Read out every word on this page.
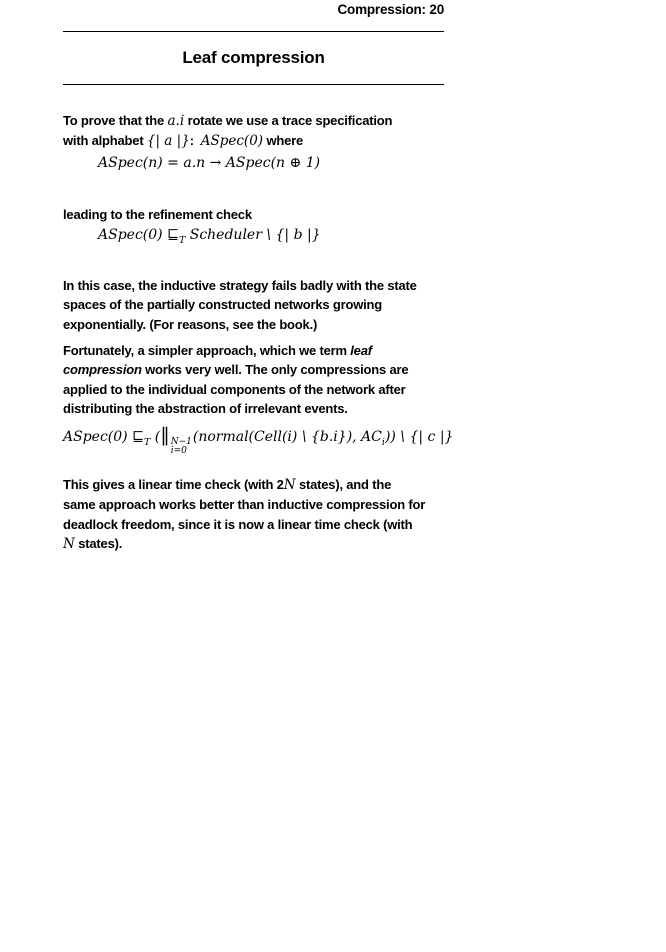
Compression: 20
Leaf compression

To prove that the a.i rotate we use a trace specification
with alphabet {| a |}:  ASpec(0) where

ASpec(n) = a.n → ASpec(n ⊕ 1)

leading to the refinement check

ASpec(0) $⊑_T$ Scheduler \ {| b |}

In this case, the inductive strategy fails badly with the state
spaces of the partially constructed networks growing
exponentially. (For reasons, see the book.)

Fortunately, a simpler approach, which we term leaf
compression works very well. The only compressions are
applied to the individual components of the network after
distributing the abstraction of irrelevant events.

ASpec(0) $⊑_T$ (‖ N−1
i=0
(normal(Cell(i) \ {b.i}), $AC_i$)) \ {| c |}

This gives a linear time check (with 2N states), and the
same approach works better than inductive compression for
deadlock freedom, since it is now a linear time check (with
N states).
